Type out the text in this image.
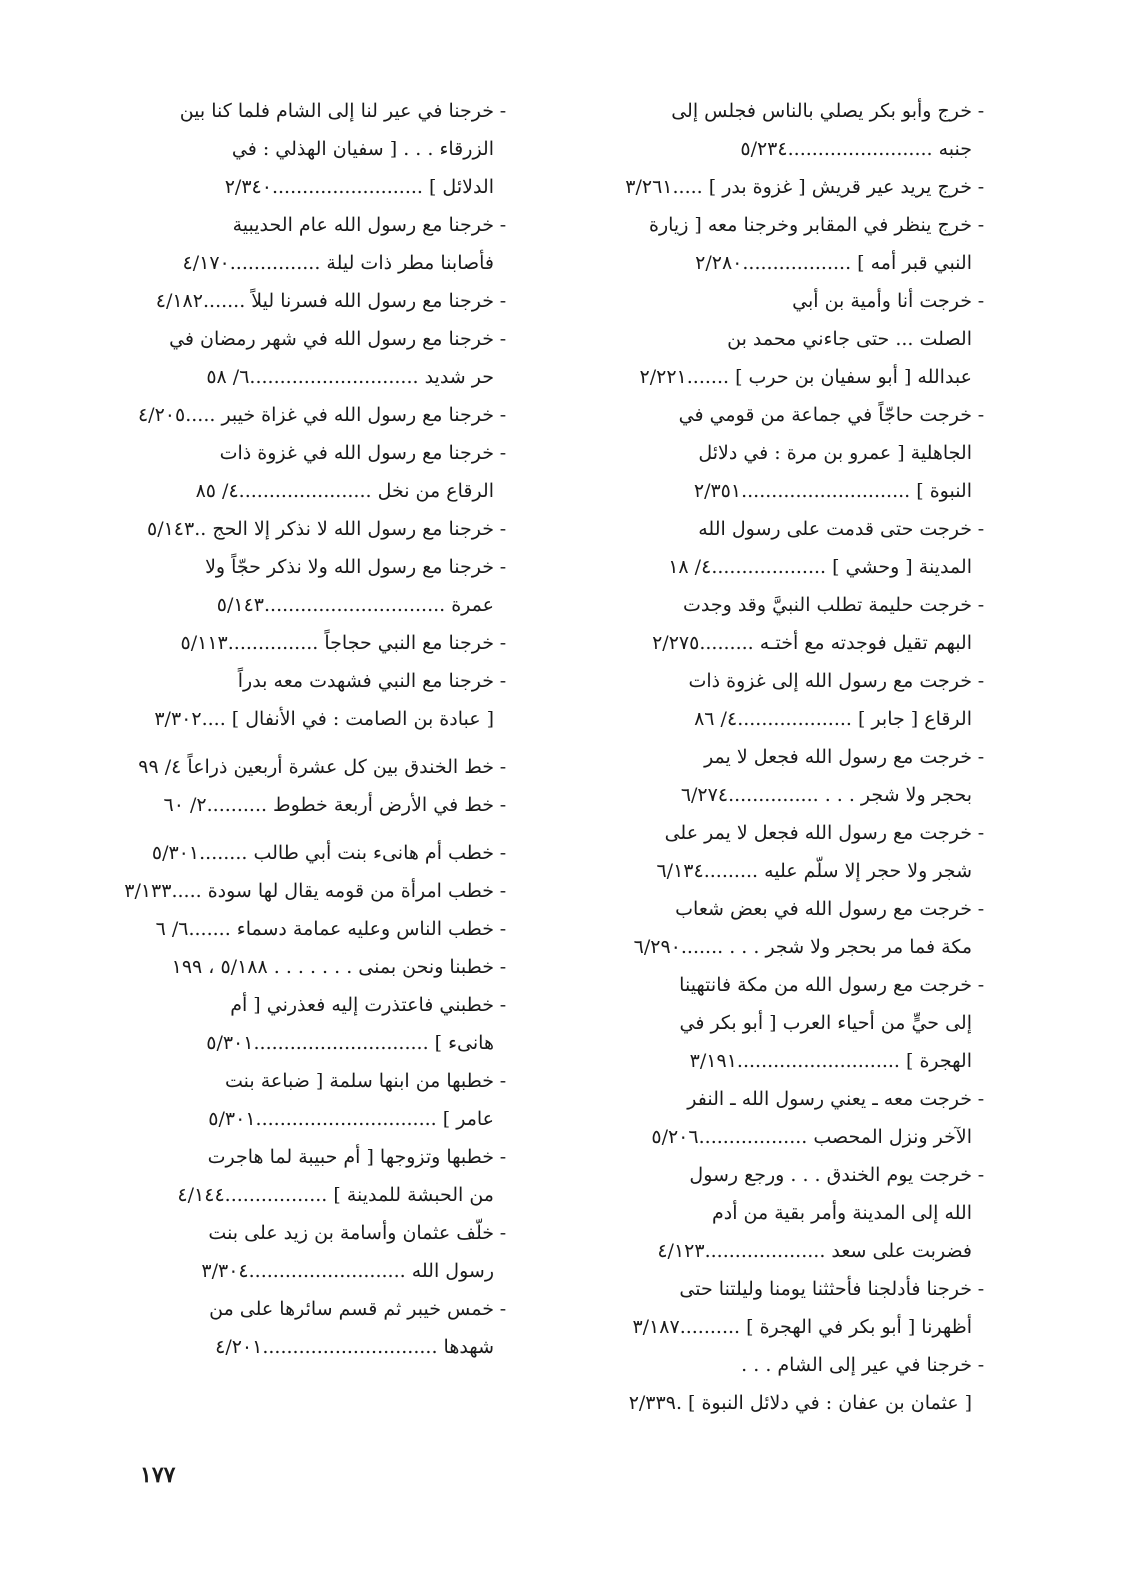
-خرج وأبو بكر يصلي بالناس فجلس إلى
جنبه ........................٥/٢٣٤
-خرج يريد عير قريش [ غزوة بدر ] .....٣/٢٦١
-خرج ينظر في المقابر وخرجنا معه [ زيارة
النبي قبر أمه ] ..................٢/٢٨٠
-خرجت أنا وأمية بن أبي
الصلت ... حتى جاءني محمد بن
عبدالله [ أبو سفيان بن حرب ] .......٢/٢٢١
-خرجت حاجّاً في جماعة من قومي في
الجاهلية [ عمرو بن مرة : في دلائل
النبوة ] ............................٢/٣٥١
-خرجت حتى قدمت على رسول الله
المدينة [ وحشي ] ...................٤/ ١٨
-خرجت حليمة تطلب النبيَّ وقد وجدت
البهم تقيل فوجدته مع أختـه .........٢/٢٧٥
-خرجت مع رسول الله إلى غزوة ذات
الرقاع [ جابر ] ...................٤/ ٨٦
-خرجت مع رسول الله فجعل لا يمر
بحجر ولا شجر . . . ...............٦/٢٧٤
-خرجت مع رسول الله فجعل لا يمر على
شجر ولا حجر إلا سلّم عليه .........٦/١٣٤
-خرجت مع رسول الله في بعض شعاب
مكة فما مر بحجر ولا شجر . . . .......٦/٢٩٠
-خرجت مع رسول الله من مكة فانتهينا
إلى حيٍّ من أحياء العرب [ أبو بكر في
الهجرة ] ...........................٣/١٩١
-خرجت معه ـ يعني رسول الله ـ النفر
الآخر ونزل المحصب ..................٥/٢٠٦
-خرجت يوم الخندق . . . ورجع رسول
الله إلى المدينة وأمر بقية من أدم
فضربت على سعد ....................٤/١٢٣
-خرجنا فأدلجنا فأحثثنا يومنا وليلتنا حتى
أظهرنا [ أبو بكر في الهجرة ] ..........٣/١٨٧
-خرجنا في عير إلى الشام . . .
[ عثمان بن عفان : في دلائل النبوة ] .٢/٣٣٩
-خرجنا في عير لنا إلى الشام فلما كنا بين
الزرقاء . . . [ سفيان الهذلي : في
الدلائل ] .........................٢/٣٤٠
-خرجنا مع رسول الله عام الحديبية
فأصابنا مطر ذات ليلة ...............٤/١٧٠
-خرجنا مع رسول الله فسرنا ليلاً .......٤/١٨٢
-خرجنا مع رسول الله في شهر رمضان في
حر شديد ............................٦/ ٥٨
-خرجنا مع رسول الله في غزاة خيبر .....٤/٢٠٥
-خرجنا مع رسول الله في غزوة ذات
الرقاع من نخل ......................٤/ ٨٥
-خرجنا مع رسول الله لا نذكر إلا الحج ..٥/١٤٣
-خرجنا مع رسول الله ولا نذكر حجّاً ولا
عمرة ..............................٥/١٤٣
-خرجنا مع النبي حجاجاً ...............٥/١١٣
-خرجنا مع النبي فشهدت معه بدراً
[ عبادة بن الصامت : في الأنفال ] ....٣/٣٠٢
-خط الخندق بين كل عشرة أربعين ذراعاً ٤/ ٩٩
-خط في الأرض أربعة خطوط ..........٢/ ٦٠
-خطب أم هانىء بنت أبي طالب ........٥/٣٠١
-خطب امرأة من قومه يقال لها سودة .....٣/١٣٣
-خطب الناس وعليه عمامة دسماء .......٦/ ٦
-خطبنا ونحن بمنى . . . . . . . ٥/١٨٨ ، ١٩٩
-خطبني فاعتذرت إليه فعذرني [ أم
هانىء ] .............................٥/٣٠١
-خطبها من ابنها سلمة [ ضباعة بنت
عامر ] ..............................٥/٣٠١
-خطبها وتزوجها [ أم حبيبة لما هاجرت
من الحبشة للمدينة ] .................٤/١٤٤
-خلّف عثمان وأسامة بن زيد على بنت
رسول الله ..........................٣/٣٠٤
-خمس خيبر ثم قسم سائرها على من
شهدها .............................٤/٢٠١
١٧٧
